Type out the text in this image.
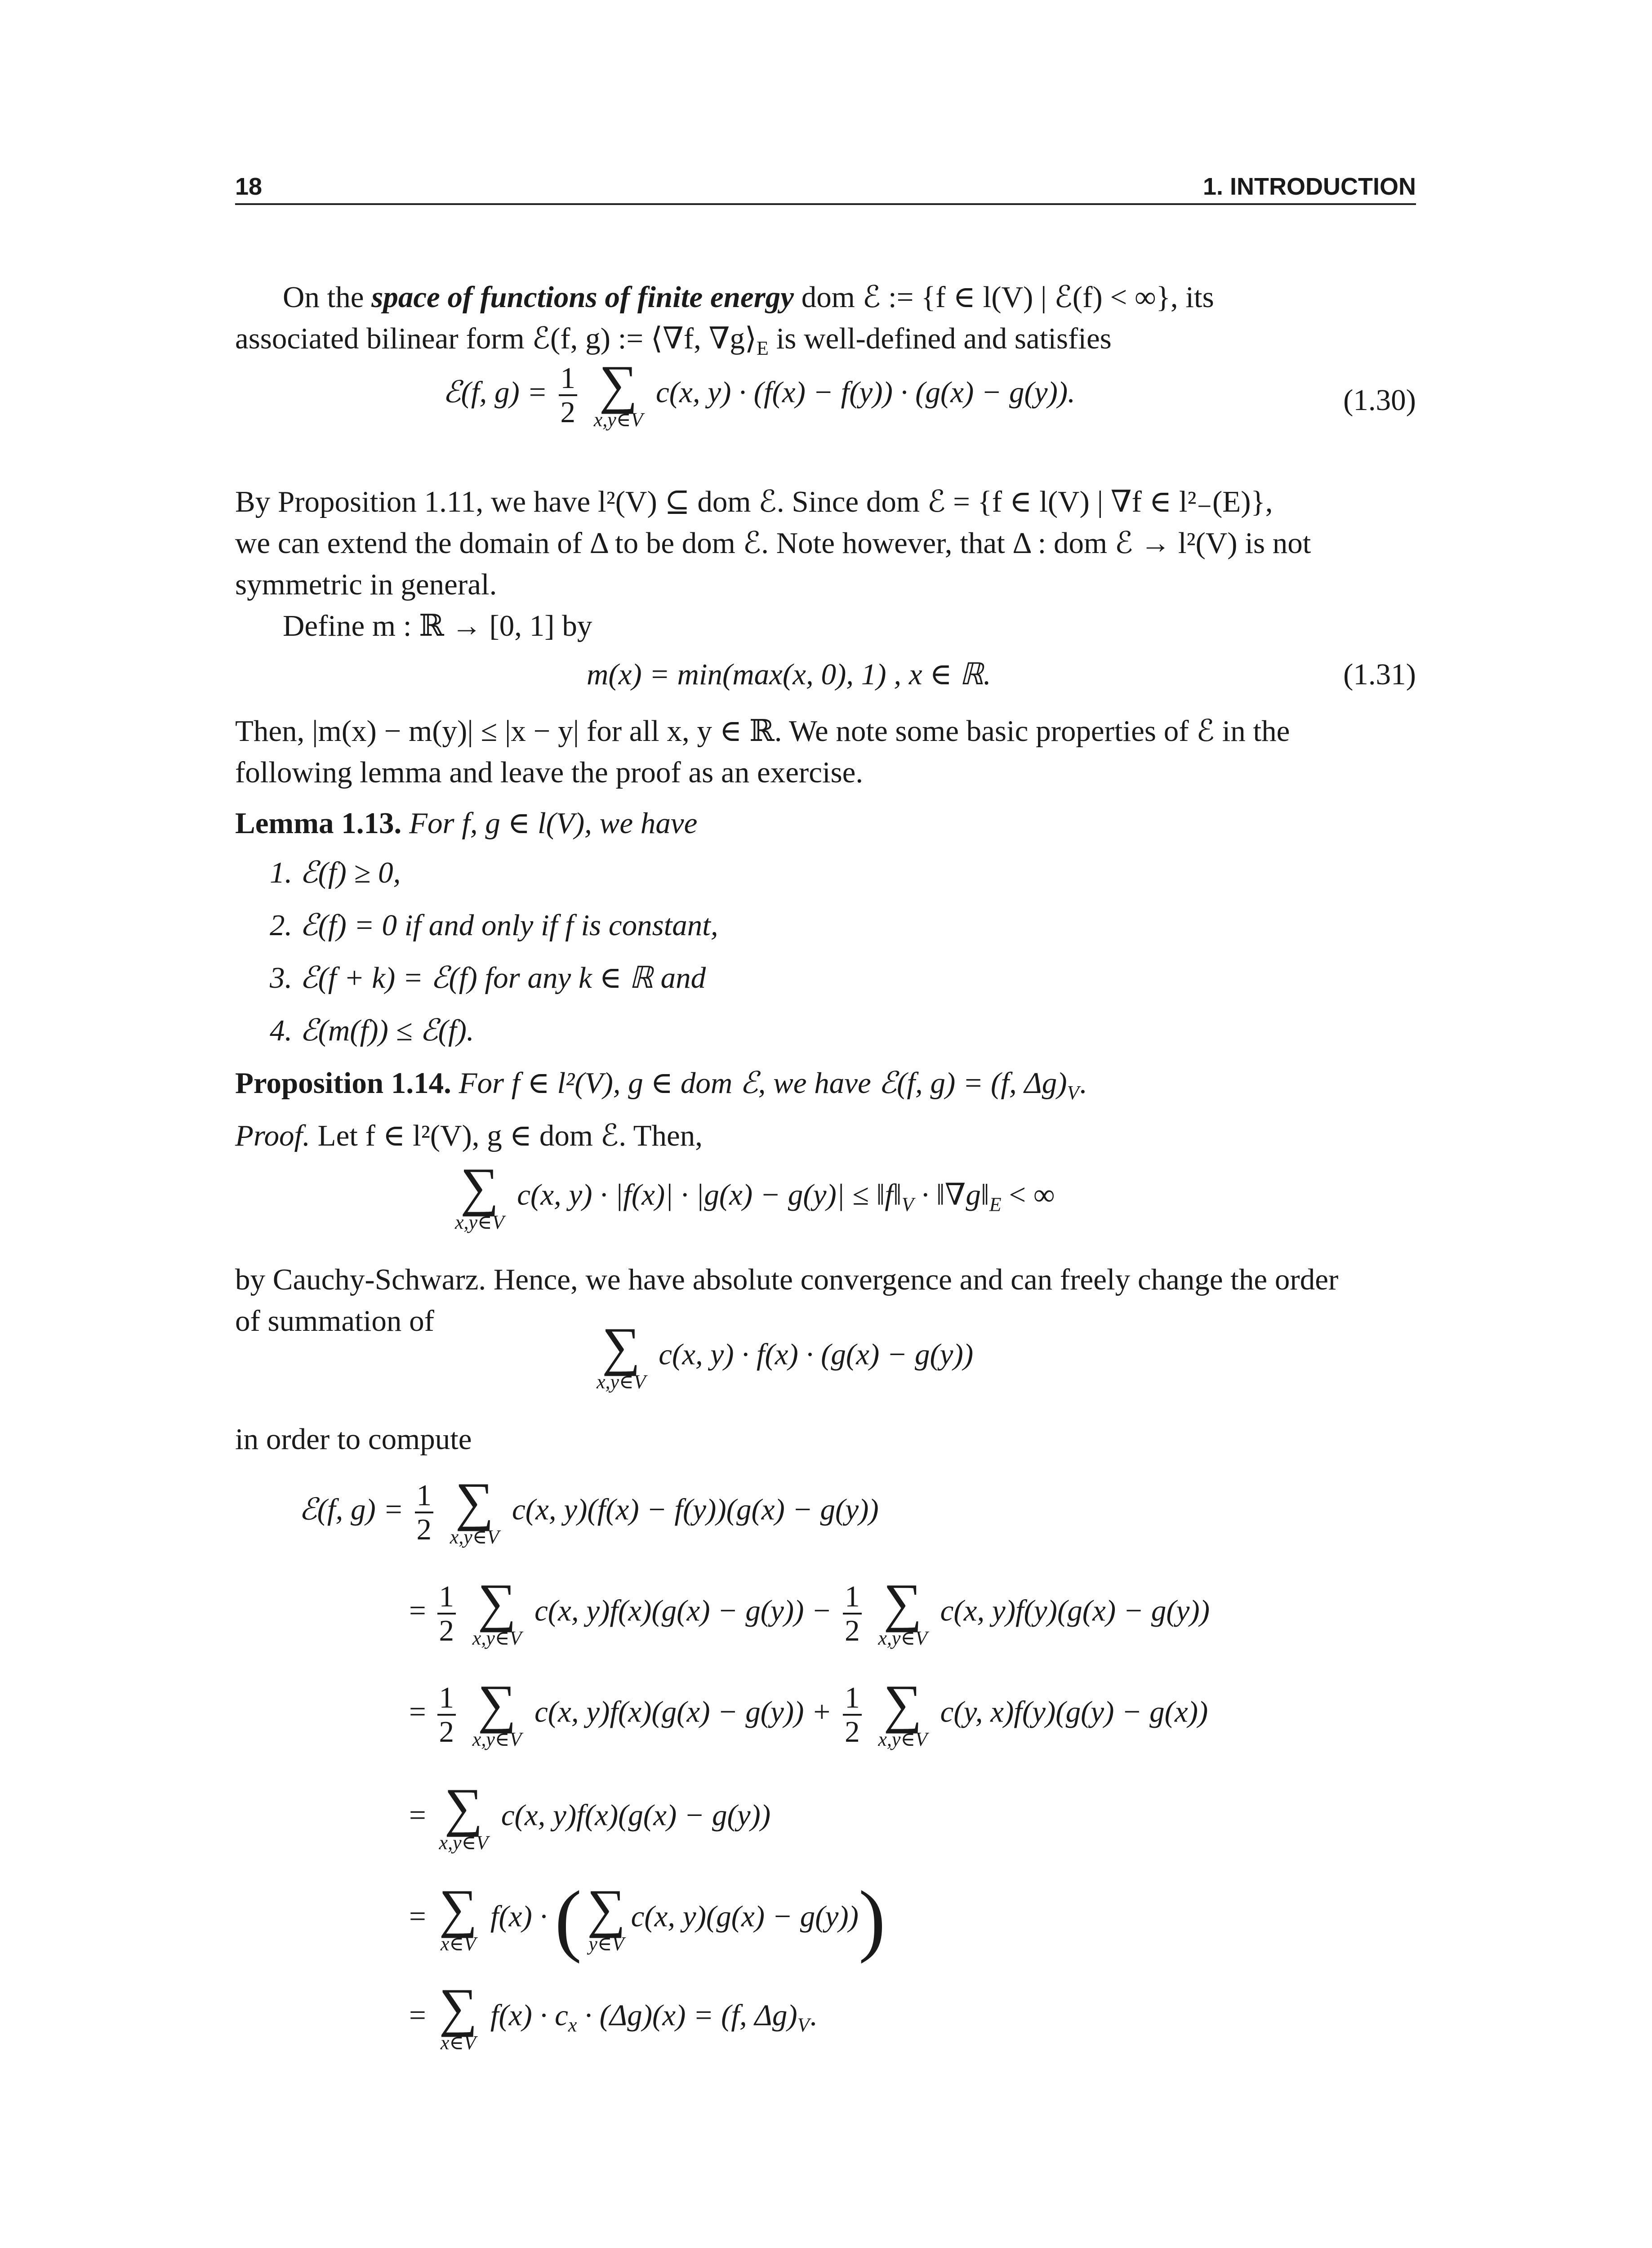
18	1. INTRODUCTION
On the space of functions of finite energy dom ℰ := {f ∈ l(V) | ℰ(f) < ∞}, its
associated bilinear form ℰ(f, g) := ⟨∇f, $\nabla g⟩_E$ is well-defined and satisfies
ℰ(f, $g) = \frac{1}{2}$
∑
x,y∈V
c(x, y) · (f(x) − f(y)) · (g(x) − g(y)).	(1.30)
By Proposition 1.11, we have l²(V) ⊆ dom ℰ. Since dom ℰ = {f ∈ l(V) | ∇f ∈ l²₋(E)},
we can extend the domain of Δ to be dom ℰ. Note however, that Δ : dom ℰ → l²(V) is not
symmetric in general.
Define m : ℝ → [0, 1] by
m(x) = min(max(x, 0), 1) , x ∈ ℝ.	(1.31)
Then, |m(x) − m(y)| ≤ |x − y| for all x, y ∈ ℝ. We note some basic properties of ℰ in the
following lemma and leave the proof as an exercise.
Lemma 1.13. For f, g ∈ l(V), we have
1. ℰ(f) ≥ 0,
2. ℰ(f) = 0 if and only if f is constant,
3. ℰ(f + k) = ℰ(f) for any k ∈ ℝ and
4. ℰ(m(f)) ≤ ℰ(f).
Proposition 1.14. For f ∈ l²(V), g ∈ dom ℰ, we have ℰ(f, g) = (f, $\Delta g)_V$.
Proof. Let f ∈ l²(V), g ∈ dom ℰ. Then,
∑
x,y∈V
c(x, $y) \cdot |f(x)| \cdot |g(x) - g(y)| \le ‖f‖_V$ · $‖\nabla g‖_E$ < ∞
by Cauchy-Schwarz. Hence, we have absolute convergence and can freely change the order
of summation of	∑
x,y∈V
c(x, y) · f(x) · (g(x) − g(y))
in order to compute
ℰ(f, $g) = \frac{1}{2}$
∑
x,y∈V
c(x, y)(f(x) − f(y))(g(x) − g(y))
= $\frac{1}{2}$
∑
x,y∈V
c(x, $y)f(x)(g(x) - g(y)) - \frac{1}{2}$
∑
x,y∈V
c(x, y)f(y)(g(x) − g(y))
= $\frac{1}{2}$
∑
x,y∈V
c(x, $y)f(x)(g(x) - g(y)) + \frac{1}{2}$
∑
x,y∈V
c(y, x)f(y)(g(y) − g(x))
= ∑
x,y∈V
c(x, y)f(x)(g(x) − g(y))
= ∑
x∈V
f(x) · ( ∑
y∈V
c(x, y)(g(x) − g(y)))
= ∑
x∈V
$f(x) \cdot c_x \cdot (\Delta g)(x) = (f$, $\Delta g)_V$.
